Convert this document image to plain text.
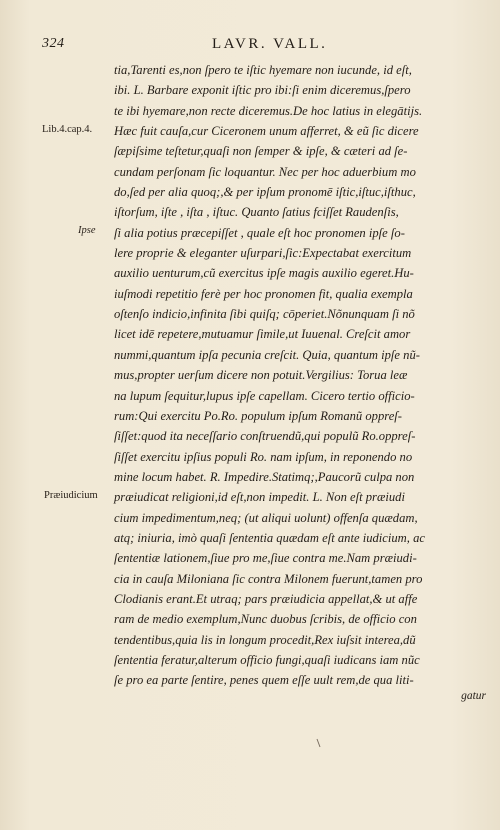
324	LAVR. VALL.
Lib.4.cap.4.
Ipse
Præiudicium
tia,Tarenti es,non ſpero te iſtic hyemare non iucunde, id eſt,
ibi. L. Barbare exponit iſtic pro ibi:ſi enim diceremus,ſpero
te ibi hyemare,non recte diceremus.De hoc latius in elegātijs.
Hæc fuit cauſa,cur Ciceronem unum afferret, & eũ ſic dicere
ſæpiſsime teſtetur,quaſi non ſemper & ipſe, & cæteri ad ſe-
cundam perſonam ſic loquantur. Nec per hoc aduerbium mo
do,ſed per alia quoq;,& per ipſum pronomē iſtic,iſtuc,iſthuc,
iſtorſum, iſte , iſta , iſtuc. Quanto ſatius fciſſet Raudenſis,
ſi alia potius præcepiſſet , quale eſt hoc pronomen ipſe ſo-
lere proprie & eleganter uſurpari,ſic:Expectabat exercitum
auxilio uenturum,cũ exercitus ipſe magis auxilio egeret.Hu-
iuſmodi repetitio ferè per hoc pronomen fit, qualia exempla
oſtenſo indicio,infinita ſibi quiſq; cōperiet.Nõnunquam ſi nõ
licet idē repetere,mutuamur ſimile,ut Iuuenal. Creſcit amor
nummi,quantum ipſa pecunia creſcit. Quia, quantum ipſe nũ-
mus,propter uerſum dicere non potuit.Vergilius: Torua leæ
na lupum ſequitur,lupus ipſe capellam. Cicero tertio officio-
rum:Qui exercitu Po.Ro. populum ipſum Romanũ oppreſ-
ſiſſet:quod ita neceſſario conſtruendũ,qui populũ Ro.oppreſ-
ſiſſet exercitu ipſius populi Ro. nam ipſum, in reponendo no
mine locum habet. R. Impedire.Statimq;,Paucorũ culpa non
præiudicat religioni,id eſt,non impedit. L. Non eſt præiudi
cium impedimentum,neq; (ut aliqui uolunt) offenſa quædam,
atq; iniuria, imò quaſi ſententia quædam eſt ante iudicium, ac
ſententiæ lationem,ſiue pro me,ſiue contra me.Nam præiudi-
cia in cauſa Miloniana ſic contra Milonem fuerunt,tamen pro
Clodianis erant.Et utraq; pars præiudicia appellat,& ut affe
ram de medio exemplum,Nunc duobus ſcribis, de officio con
tendentibus,quia lis in longum procedit,Rex iuſsit interea,dũ
ſententia feratur,alterum officio fungi,quaſi iudicans iam nũc
ſe pro ea parte ſentire, penes quem eſſe uult rem,de qua liti-
gatur
